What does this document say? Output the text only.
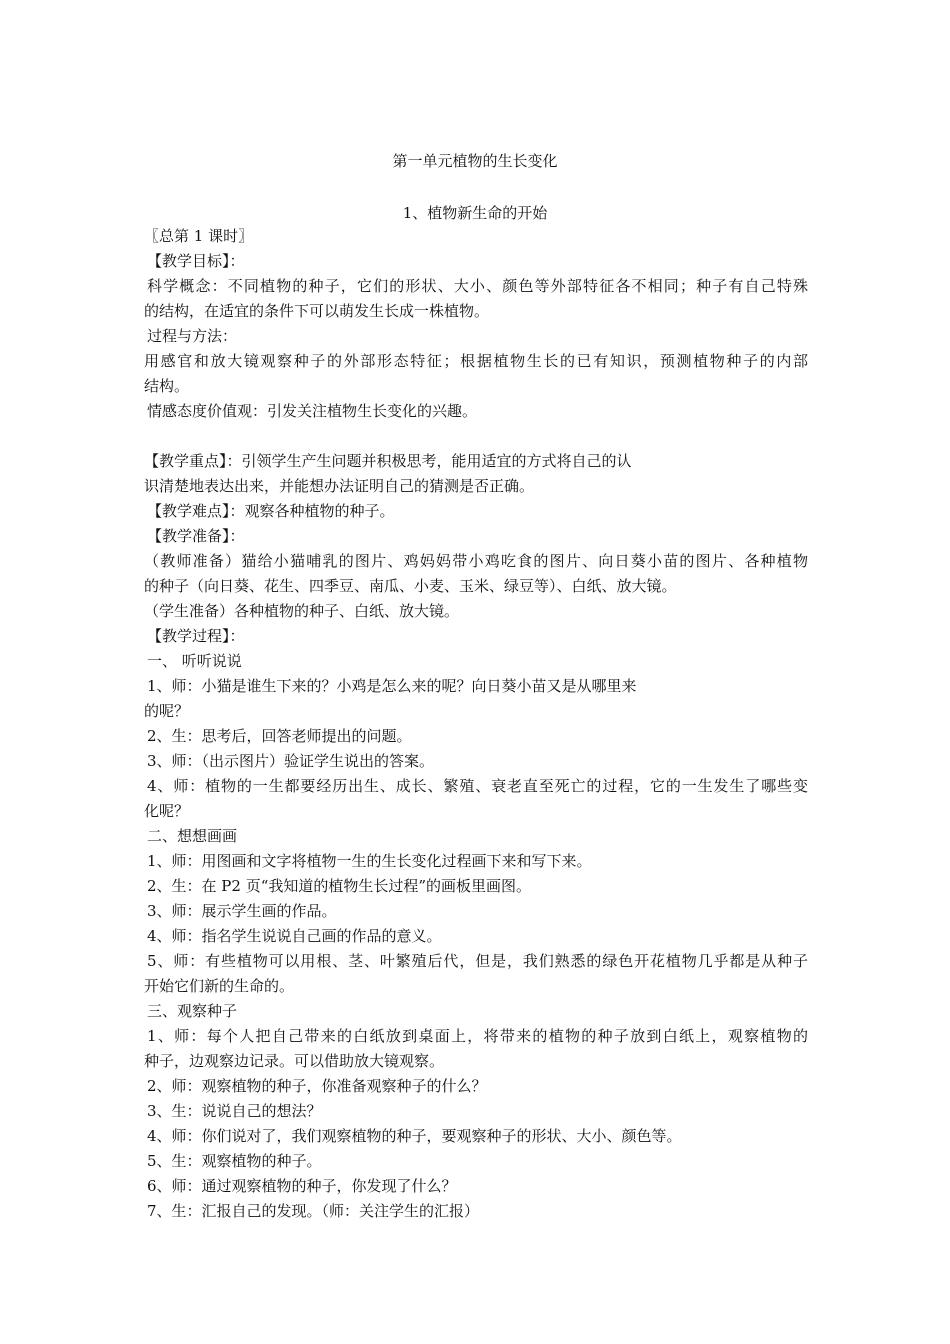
第一单元植物的生长变化
1、植物新生命的开始
〖总第 1 课时〗
【教学目标】：
科学概念：不同植物的种子，它们的形状、大小、颜色等外部特征各不相同；种子有自己特殊
的结构，在适宜的条件下可以萌发生长成一株植物。
过程与方法：
用感官和放大镜观察种子的外部形态特征；根据植物生长的已有知识，预测植物种子的内部
结构。
情感态度价值观：引发关注植物生长变化的兴趣。
【教学重点】：引领学生产生问题并积极思考，能用适宜的方式将自己的认
识清楚地表达出来，并能想办法证明自己的猜测是否正确。
【教学难点】：观察各种植物的种子。
【教学准备】：
（教师准备）猫给小猫哺乳的图片、鸡妈妈带小鸡吃食的图片、向日葵小苗的图片、各种植物
的种子（向日葵、花生、四季豆、南瓜、小麦、玉米、绿豆等）、白纸、放大镜。
（学生准备）各种植物的种子、白纸、放大镜。
【教学过程】：
一、 听听说说
1、师：小猫是谁生下来的？小鸡是怎么来的呢？向日葵小苗又是从哪里来
的呢？
2、生：思考后，回答老师提出的问题。
3、师：（出示图片）验证学生说出的答案。
4、师：植物的一生都要经历出生、成长、繁殖、衰老直至死亡的过程，它的一生发生了哪些变
化呢？
二、想想画画
1、师：用图画和文字将植物一生的生长变化过程画下来和写下来。
2、生：在 P2 页“我知道的植物生长过程”的画板里画图。
3、师：展示学生画的作品。
4、师：指名学生说说自己画的作品的意义。
5、师：有些植物可以用根、茎、叶繁殖后代，但是，我们熟悉的绿色开花植物几乎都是从种子
开始它们新的生命的。
三、观察种子
1、师：每个人把自己带来的白纸放到桌面上，将带来的植物的种子放到白纸上，观察植物的
种子，边观察边记录。可以借助放大镜观察。
2、师：观察植物的种子，你准备观察种子的什么？
3、生：说说自己的想法？
4、师：你们说对了，我们观察植物的种子，要观察种子的形状、大小、颜色等。
5、生：观察植物的种子。
6、师：通过观察植物的种子，你发现了什么？
7、生：汇报自己的发现。（师：关注学生的汇报）
